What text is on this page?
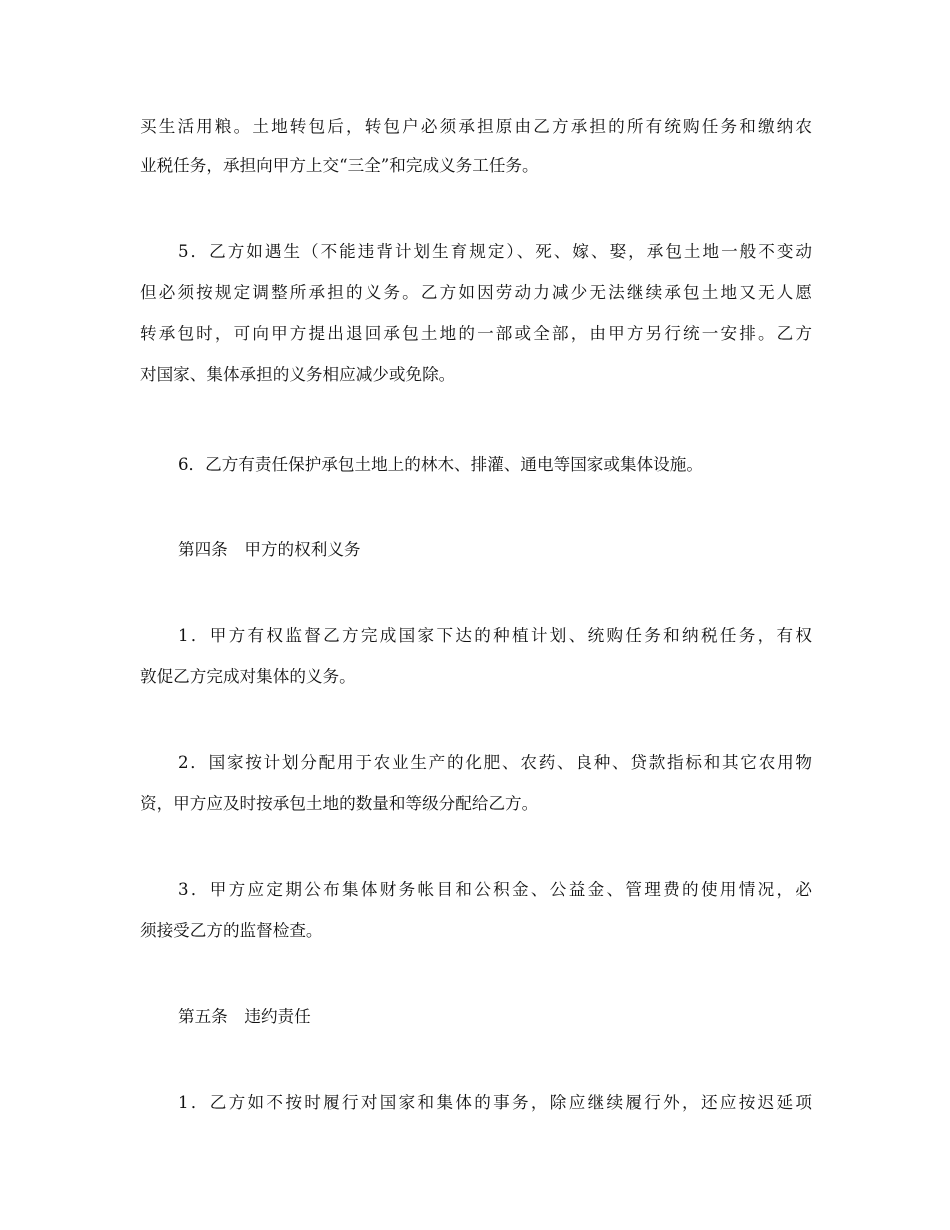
买生活用粮。土地转包后，转包户必须承担原由乙方承担的所有统购任务和缴纳农
业税任务，承担向甲方上交“三全”和完成义务工任务。
5．乙方如遇生（不能违背计划生育规定）、死、嫁、娶，承包土地一般不变动
但必须按规定调整所承担的义务。乙方如因劳动力减少无法继续承包土地又无人愿
转承包时，可向甲方提出退回承包土地的一部或全部，由甲方另行统一安排。乙方
对国家、集体承担的义务相应减少或免除。
6．乙方有责任保护承包土地上的林木、排灌、通电等国家或集体设施。
第四条　甲方的权利义务
1．甲方有权监督乙方完成国家下达的种植计划、统购任务和纳税任务，有权
敦促乙方完成对集体的义务。
2．国家按计划分配用于农业生产的化肥、农药、良种、贷款指标和其它农用物
资，甲方应及时按承包土地的数量和等级分配给乙方。
3．甲方应定期公布集体财务帐目和公积金、公益金、管理费的使用情况，必
须接受乙方的监督检查。
第五条　违约责任
1．乙方如不按时履行对国家和集体的事务，除应继续履行外，还应按迟延项
